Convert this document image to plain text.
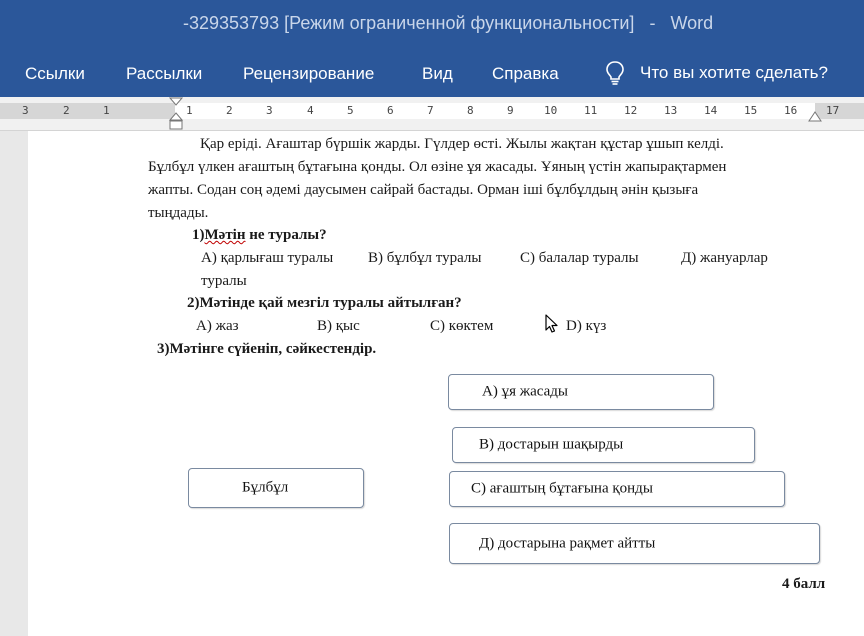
-329353793 [Режим ограниченной функциональности] - Word
Ссылки Рассылки Рецензирование	Вид Справка	Что вы хотите сделать?
3	2	1	1	2	3	4	5	6	7	8	9	10 11 12 13 14 15 16	17
Қар еріді. Ағаштар бүршік жарды. Гүлдер өсті. Жылы жақтан құстар ұшып келді.
Бұлбұл үлкен ағаштың бұтағына қонды. Ол өзіне ұя жасады. Ұяның үстін жапырақтармен
жапты. Содан соң әдемі даусымен сайрай бастады. Орман іші бұлбұлдың әнін қызыға
тыңдады.
1)Мәтін не туралы?
А) қарлығаш туралы В) бұлбұл туралы	С) балалар туралы	Д) жануарлар
туралы
2)Мәтінде қай мезгіл туралы айтылған?
А) жаз	В) қыс	С) көктем	D) күз
3)Мәтінге сүйеніп, сәйкестендір.
А) ұя жасады
В) достарын шақырды
Бұлбұл	С) ағаштың бұтағына қонды
Д) достарына рақмет айтты
4 балл
